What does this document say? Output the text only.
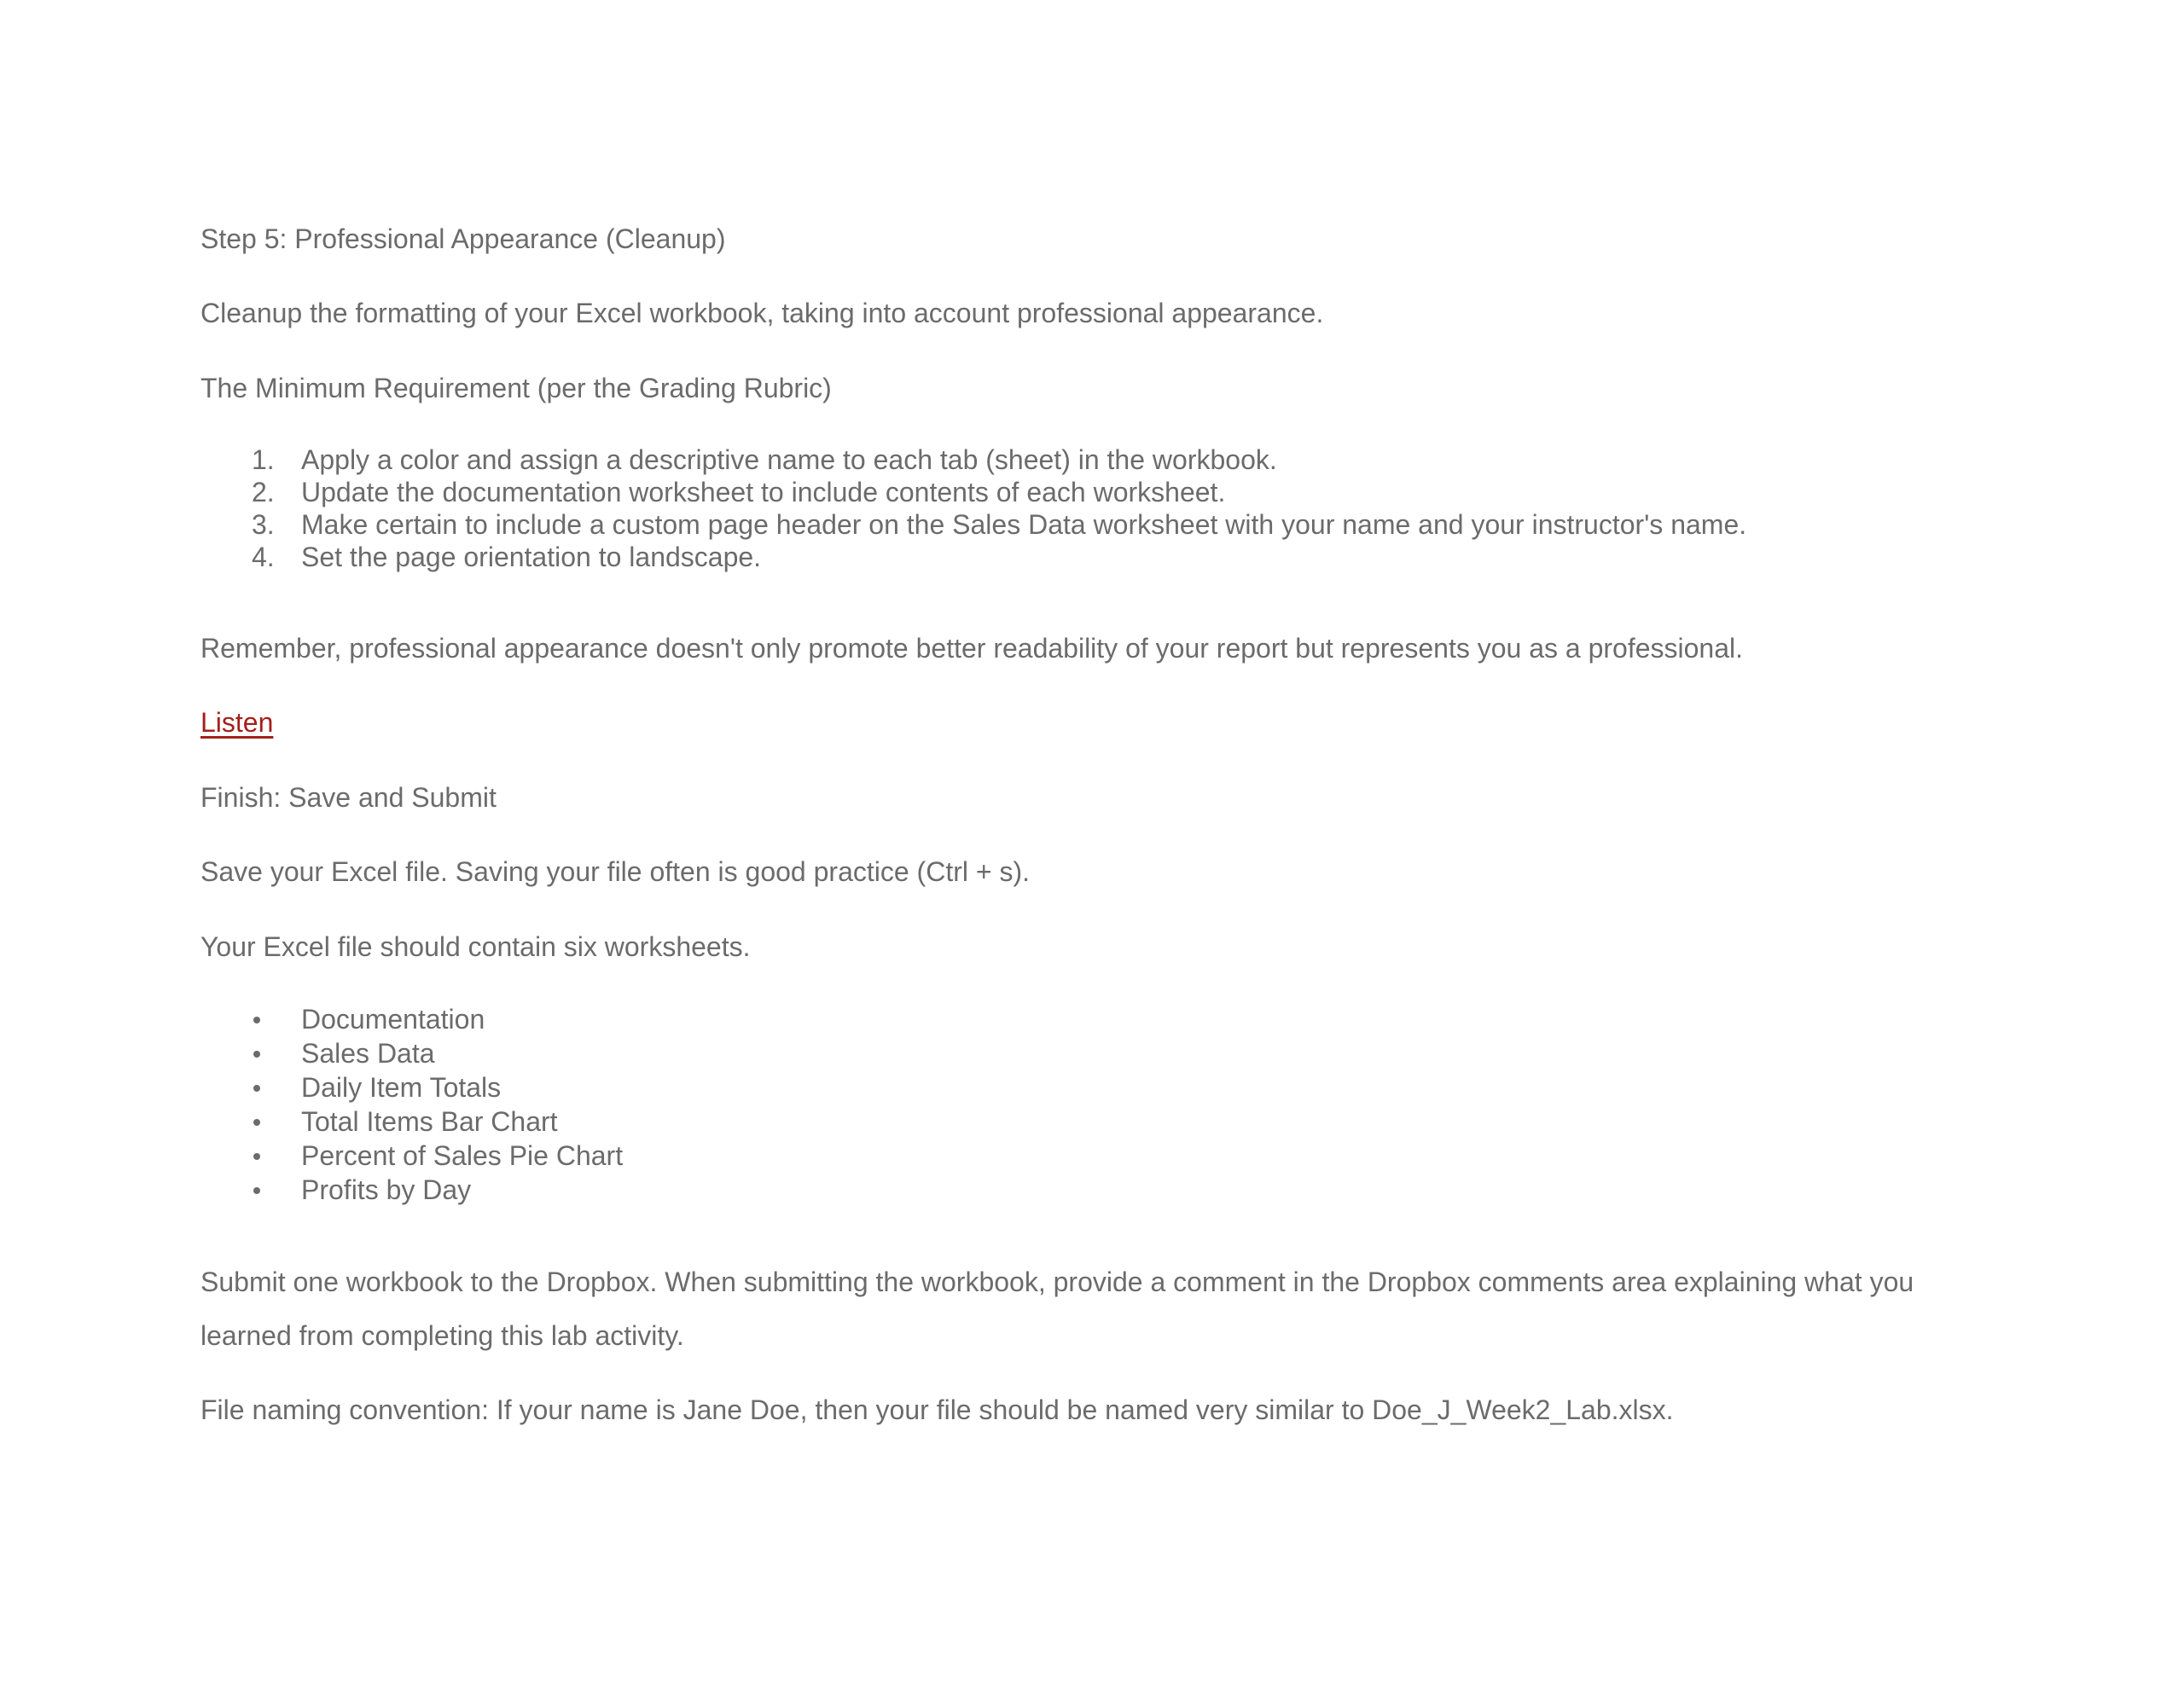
Step 5: Professional Appearance (Cleanup)

Cleanup the formatting of your Excel workbook, taking into account professional appearance.

The Minimum Requirement (per the Grading Rubric)

1. Apply a color and assign a descriptive name to each tab (sheet) in the workbook.
2. Update the documentation worksheet to include contents of each worksheet.
3. Make certain to include a custom page header on the Sales Data worksheet with your name and your instructor's name.
4. Set the page orientation to landscape.

Remember, professional appearance doesn't only promote better readability of your report but represents you as a professional.

Listen

Finish: Save and Submit

Save your Excel file. Saving your file often is good practice (Ctrl + s).

Your Excel file should contain six worksheets.

Documentation
Sales Data
Daily Item Totals
Total Items Bar Chart
Percent of Sales Pie Chart
Profits by Day

Submit one workbook to the Dropbox. When submitting the workbook, provide a comment in the Dropbox comments area explaining what you

learned from completing this lab activity.

File naming convention: If your name is Jane Doe, then your file should be named very similar to Doe_J_Week2_Lab.xlsx.
